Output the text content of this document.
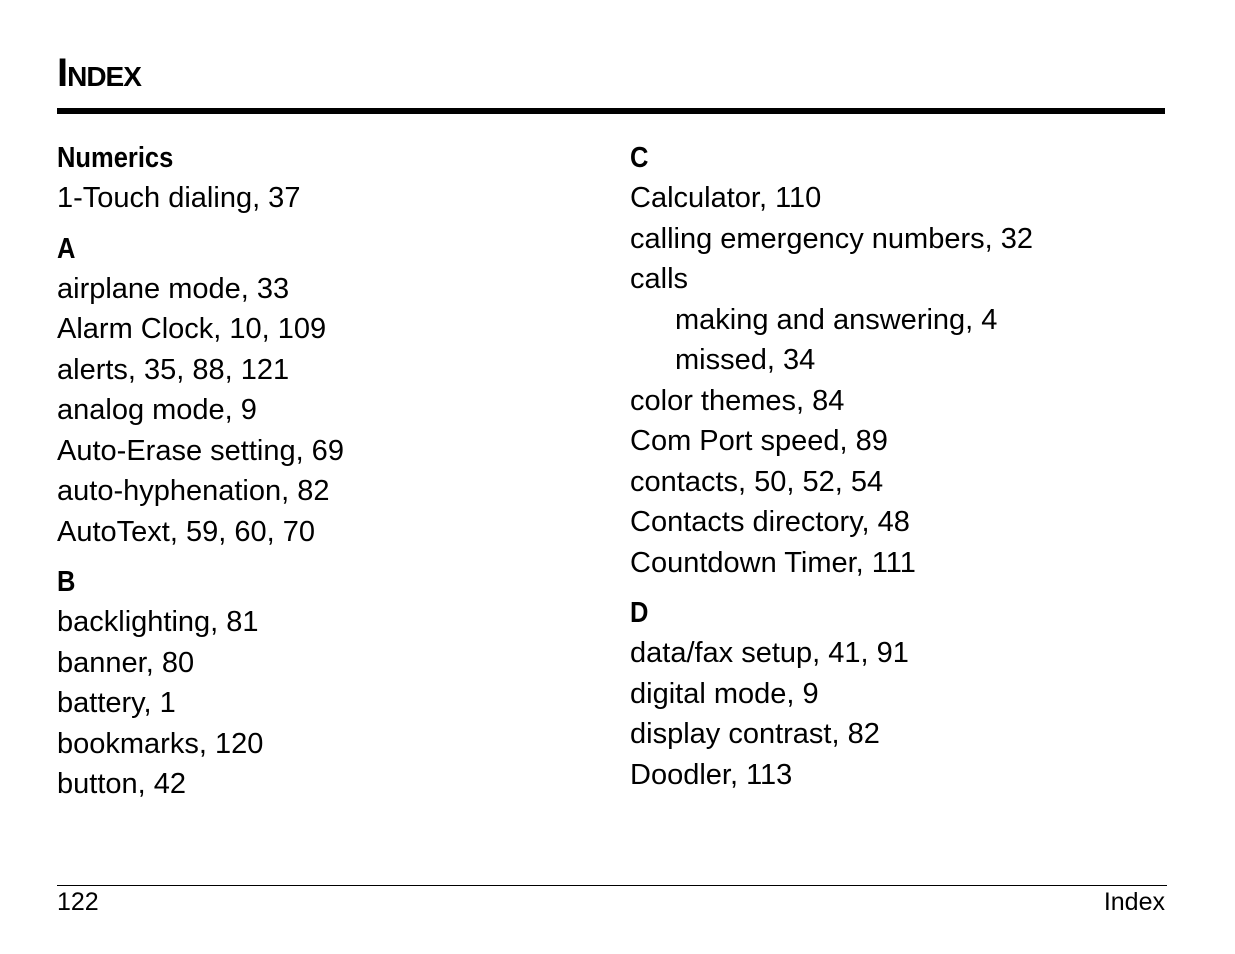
Index
Numerics
1-Touch dialing, 37
A
airplane mode, 33
Alarm Clock, 10, 109
alerts, 35, 88, 121
analog mode, 9
Auto-Erase setting, 69
auto-hyphenation, 82
AutoText, 59, 60, 70
B
backlighting, 81
banner, 80
battery, 1
bookmarks, 120
button, 42
C
Calculator, 110
calling emergency numbers, 32
calls
making and answering, 4
missed, 34
color themes, 84
Com Port speed, 89
contacts, 50, 52, 54
Contacts directory, 48
Countdown Timer, 111
D
data/fax setup, 41, 91
digital mode, 9
display contrast, 82
Doodler, 113
122	Index
